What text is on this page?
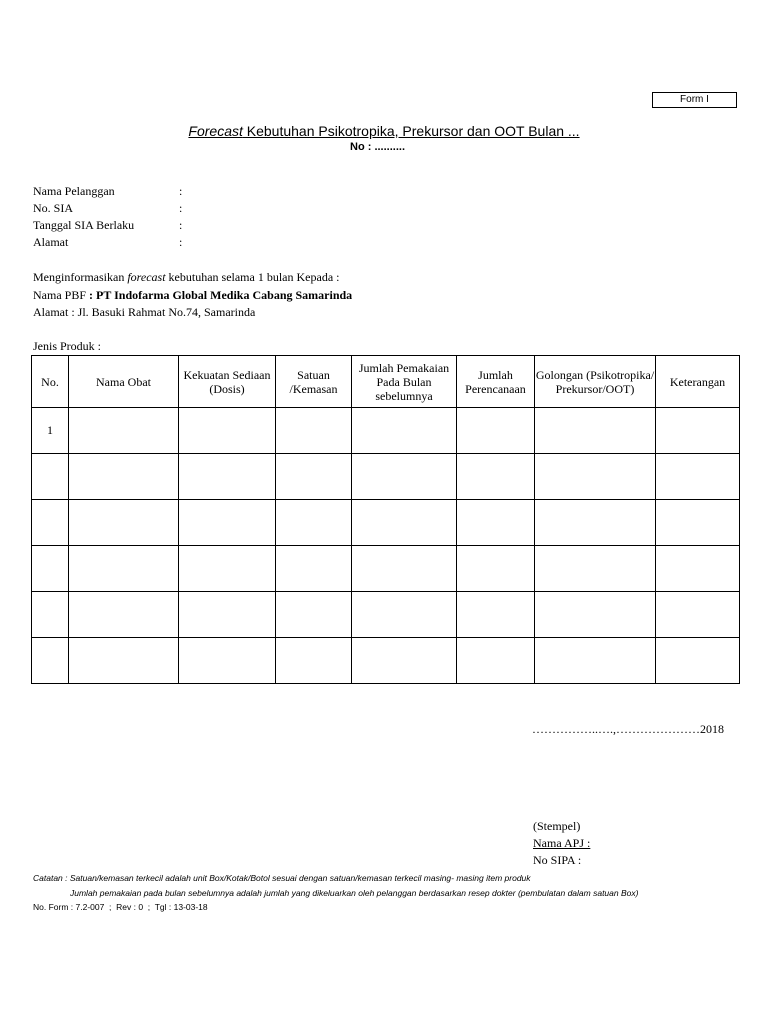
Form I
Forecast Kebutuhan Psikotropika, Prekursor dan OOT Bulan ...
No : ..........
Nama Pelanggan	:
No. SIA	:
Tanggal SIA Berlaku	:
Alamat	:
Menginformasikan forecast kebutuhan selama 1 bulan Kepada :
Nama PBF : PT Indofarma Global Medika Cabang Samarinda
Alamat : Jl. Basuki Rahmat No.74, Samarinda
Jenis Produk :
No.	Nama Obat	Kekuatan Sediaan (Dosis)	Satuan /Kemasan	Jumlah Pemakaian Pada Bulan sebelumnya	Jumlah Perencanaan	Golongan (Psikotropika/ Prekursor/OOT)	Keterangan
1							

……………..….,…………………2018
(Stempel)
Nama APJ :
No SIPA :
Catatan : Satuan/kemasan terkecil adalah unit Box/Kotak/Botol sesuai dengan satuan/kemasan terkecil masing- masing item produk
Jumlah pemakaian pada bulan sebelumnya adalah jumlah yang dikeluarkan oleh pelanggan berdasarkan resep dokter (pembulatan dalam satuan Box)
No. Form : 7.2-007  ;  Rev : 0  ;  Tgl : 13-03-18
